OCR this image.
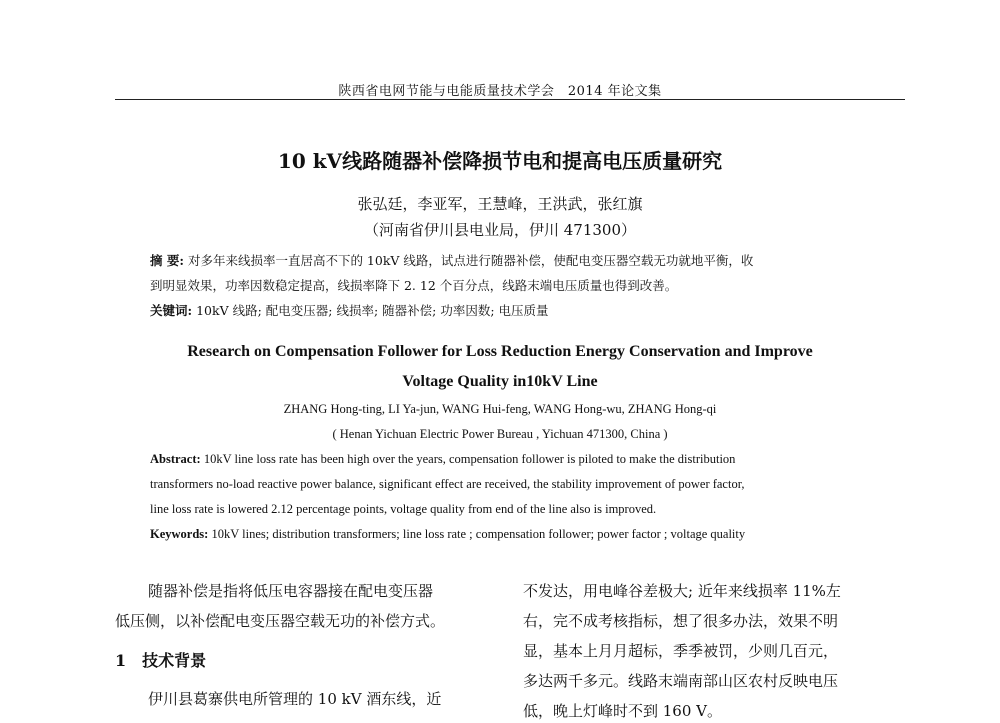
陕西省电网节能与电能质量技术学会　2014 年论文集
10 kV线路随器补偿降损节电和提高电压质量研究
张弘廷，李亚军，王慧峰，王洪武，张红旗
（河南省伊川县电业局，伊川 471300）
摘 要: 对多年来线损率一直居高不下的 10kV 线路，试点进行随器补偿，使配电变压器空载无功就地平衡，收
到明显效果，功率因数稳定提高，线损率降下 2. 12 个百分点，线路末端电压质量也得到改善。
关键词: 10kV 线路; 配电变压器; 线损率; 随器补偿; 功率因数; 电压质量
Research on Compensation Follower for Loss Reduction Energy Conservation and Improve
Voltage Quality in10kV Line
ZHANG Hong-ting, LI Ya-jun, WANG Hui-feng, WANG Hong-wu, ZHANG Hong-qi
( Henan Yichuan Electric Power Bureau , Yichuan 471300, China )
Abstract: 10kV line loss rate has been high over the years, compensation follower is piloted to make the distribution
transformers no-load reactive power balance, significant effect are received, the stability improvement of power factor,
line loss rate is lowered 2.12 percentage points, voltage quality from end of the line also is improved.
Keywords: 10kV lines; distribution transformers; line loss rate ; compensation follower; power factor ; voltage quality
随器补偿是指将低压电容器接在配电变压器
低压侧，以补偿配电变压器空载无功的补偿方式。
1　技术背景
伊川县葛寨供电所管理的 10 kV 酒东线，近
不发达，用电峰谷差极大; 近年来线损率 11%左
右，完不成考核指标，想了很多办法，效果不明
显，基本上月月超标，季季被罚，少则几百元，
多达两千多元。线路末端南部山区农村反映电压
低，晚上灯峰时不到 160 V。
